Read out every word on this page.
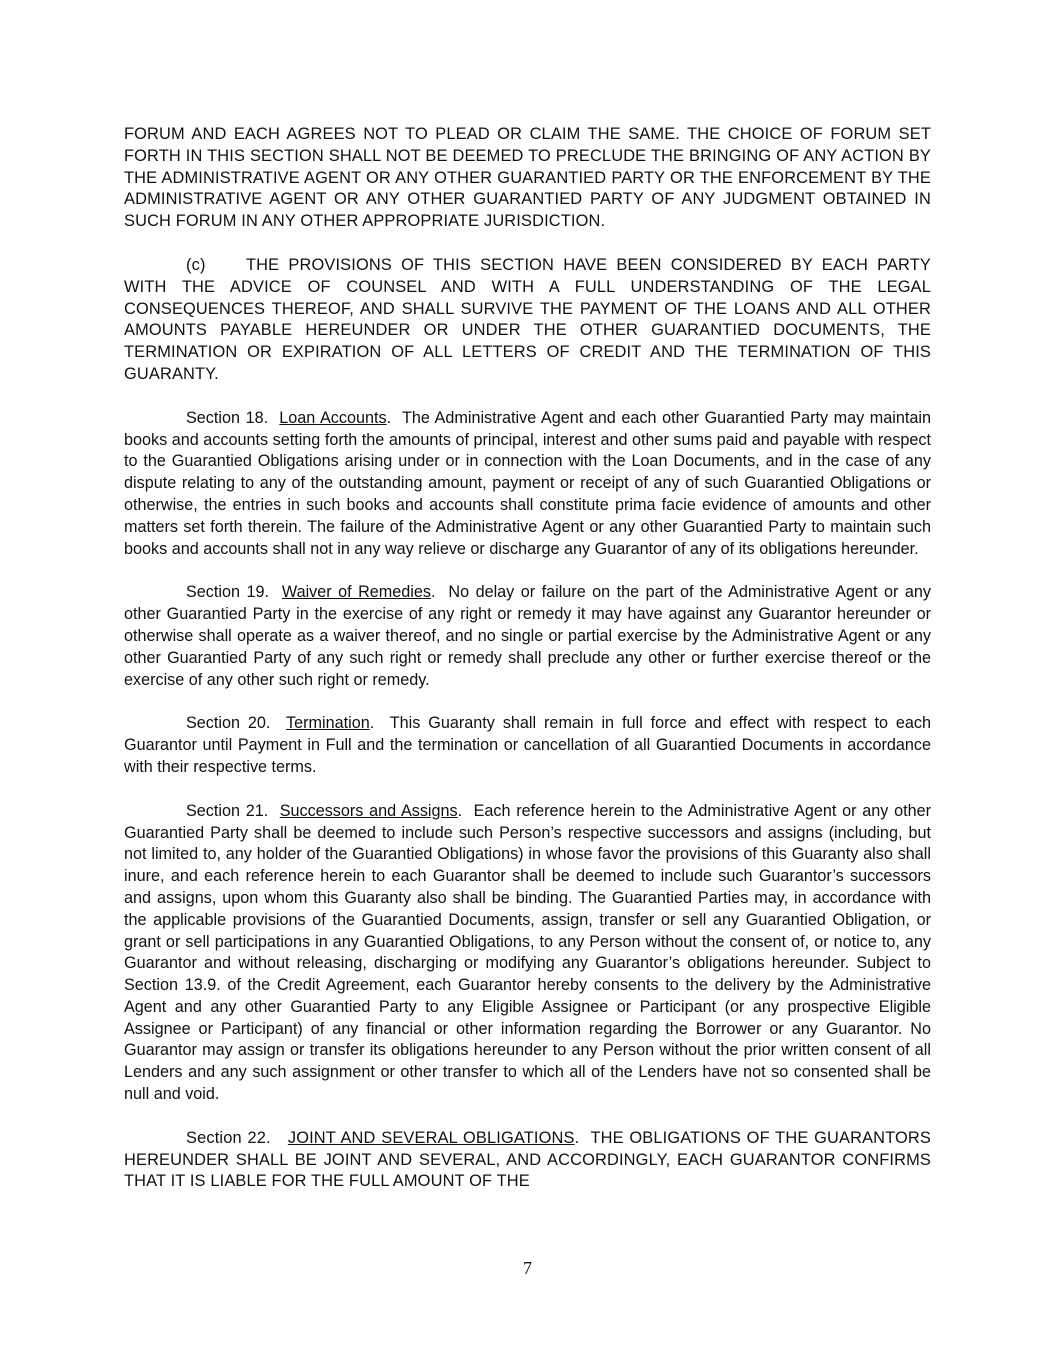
FORUM AND EACH AGREES NOT TO PLEAD OR CLAIM THE SAME. THE CHOICE OF FORUM SET FORTH IN THIS SECTION SHALL NOT BE DEEMED TO PRECLUDE THE BRINGING OF ANY ACTION BY THE ADMINISTRATIVE AGENT OR ANY OTHER GUARANTIED PARTY OR THE ENFORCEMENT BY THE ADMINISTRATIVE AGENT OR ANY OTHER GUARANTIED PARTY OF ANY JUDGMENT OBTAINED IN SUCH FORUM IN ANY OTHER APPROPRIATE JURISDICTION.

(c) THE PROVISIONS OF THIS SECTION HAVE BEEN CONSIDERED BY EACH PARTY WITH THE ADVICE OF COUNSEL AND WITH A FULL UNDERSTANDING OF THE LEGAL CONSEQUENCES THEREOF, AND SHALL SURVIVE THE PAYMENT OF THE LOANS AND ALL OTHER AMOUNTS PAYABLE HEREUNDER OR UNDER THE OTHER GUARANTIED DOCUMENTS, THE TERMINATION OR EXPIRATION OF ALL LETTERS OF CREDIT AND THE TERMINATION OF THIS GUARANTY.

Section 18. Loan Accounts.  The Administrative Agent and each other Guarantied Party may maintain books and accounts setting forth the amounts of principal, interest and other sums paid and payable with respect to the Guarantied Obligations arising under or in connection with the Loan Documents, and in the case of any dispute relating to any of the outstanding amount, payment or receipt of any of such Guarantied Obligations or otherwise, the entries in such books and accounts shall constitute prima facie evidence of amounts and other matters set forth therein. The failure of the Administrative Agent or any other Guarantied Party to maintain such books and accounts shall not in any way relieve or discharge any Guarantor of any of its obligations hereunder.

Section 19. Waiver of Remedies.  No delay or failure on the part of the Administrative Agent or any other Guarantied Party in the exercise of any right or remedy it may have against any Guarantor hereunder or otherwise shall operate as a waiver thereof, and no single or partial exercise by the Administrative Agent or any other Guarantied Party of any such right or remedy shall preclude any other or further exercise thereof or the exercise of any other such right or remedy.

Section 20. Termination.  This Guaranty shall remain in full force and effect with respect to each Guarantor until Payment in Full and the termination or cancellation of all Guarantied Documents in accordance with their respective terms.

Section 21. Successors and Assigns.  Each reference herein to the Administrative Agent or any other Guarantied Party shall be deemed to include such Person’s respective successors and assigns (including, but not limited to, any holder of the Guarantied Obligations) in whose favor the provisions of this Guaranty also shall inure, and each reference herein to each Guarantor shall be deemed to include such Guarantor’s successors and assigns, upon whom this Guaranty also shall be binding. The Guarantied Parties may, in accordance with the applicable provisions of the Guarantied Documents, assign, transfer or sell any Guarantied Obligation, or grant or sell participations in any Guarantied Obligations, to any Person without the consent of, or notice to, any Guarantor and without releasing, discharging or modifying any Guarantor’s obligations hereunder. Subject to Section 13.9. of the Credit Agreement, each Guarantor hereby consents to the delivery by the Administrative Agent and any other Guarantied Party to any Eligible Assignee or Participant (or any prospective Eligible Assignee or Participant) of any financial or other information regarding the Borrower or any Guarantor. No Guarantor may assign or transfer its obligations hereunder to any Person without the prior written consent of all Lenders and any such assignment or other transfer to which all of the Lenders have not so consented shall be null and void.

Section 22. JOINT AND SEVERAL OBLIGATIONS.  THE OBLIGATIONS OF THE GUARANTORS HEREUNDER SHALL BE JOINT AND SEVERAL, AND ACCORDINGLY, EACH GUARANTOR CONFIRMS THAT IT IS LIABLE FOR THE FULL AMOUNT OF THE

7
